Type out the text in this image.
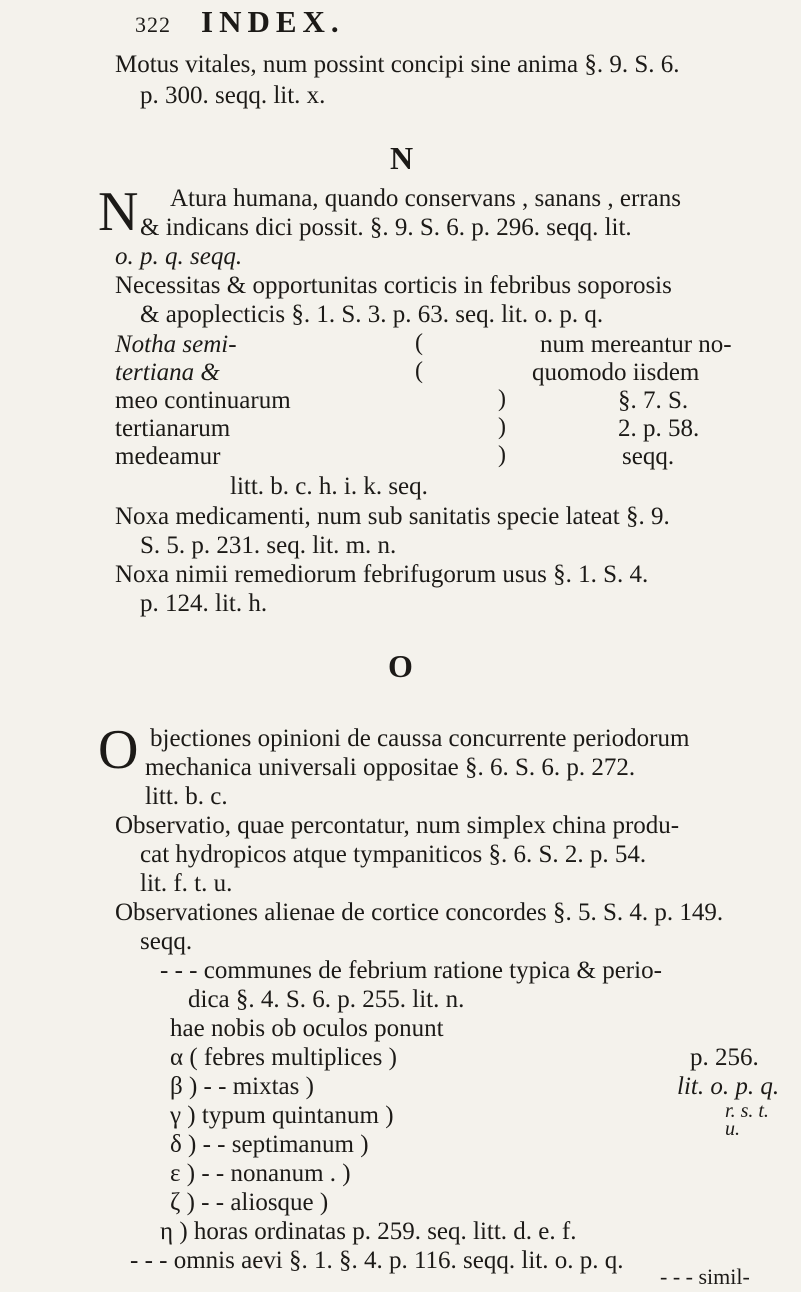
322 INDEX.
Motus vitales, num possint concipi sine anima §. 9. S. 6.
p. 300. seqq. lit. x.
N
N Atura humana, quando conservans , sanans , errans
& indicans dici possit. §. 9. S. 6. p. 296. seqq. lit.
o. p. q. seqq.
Necessitas & opportunitas corticis in febribus soporosis
& apoplecticis §. 1. S. 3. p. 63. seq. lit. o. p. q.
Notha semi-
tertiana &
meo continuarum
tertianarum
medeamur
(
(
)
)
)
num mereantur no-
quomodo iisdem
§. 7. S.
2. p. 58.
seqq.
litt. b. c. h. i. k. seq.
Noxa medicamenti, num sub sanitatis specie lateat §. 9.
S. 5. p. 231. seq. lit. m. n.
Noxa nimii remediorum febrifugorum usus §. 1. S. 4.
p. 124. lit. h.
O
O bjectiones opinioni de caussa concurrente periodorum
mechanica universali oppositae §. 6. S. 6. p. 272.
litt. b. c.
Observatio, quae percontatur, num simplex china produ-
cat hydropicos atque tympaniticos §. 6. S. 2. p. 54.
lit. f. t. u.
Observationes alienae de cortice concordes §. 5. S. 4. p. 149.
seqq.
- - - communes de febrium ratione typica & perio-
dica §. 4. S. 6. p. 255. lit. n.
hae nobis ob oculos ponunt
α ( febres multiplices )
β ) - - mixtas )
γ ) typum quintanum )
δ ) - - septimanum )
ε ) - - nonanum . )
ζ ) - - aliosque )
p. 256.
lit. o. p. q.
r. s. t. u.
η ) horas ordinatas p. 259. seq. litt. d. e. f.
- - - omnis aevi §. 1. §. 4. p. 116. seqq. lit. o. p. q.
- - - simil-
